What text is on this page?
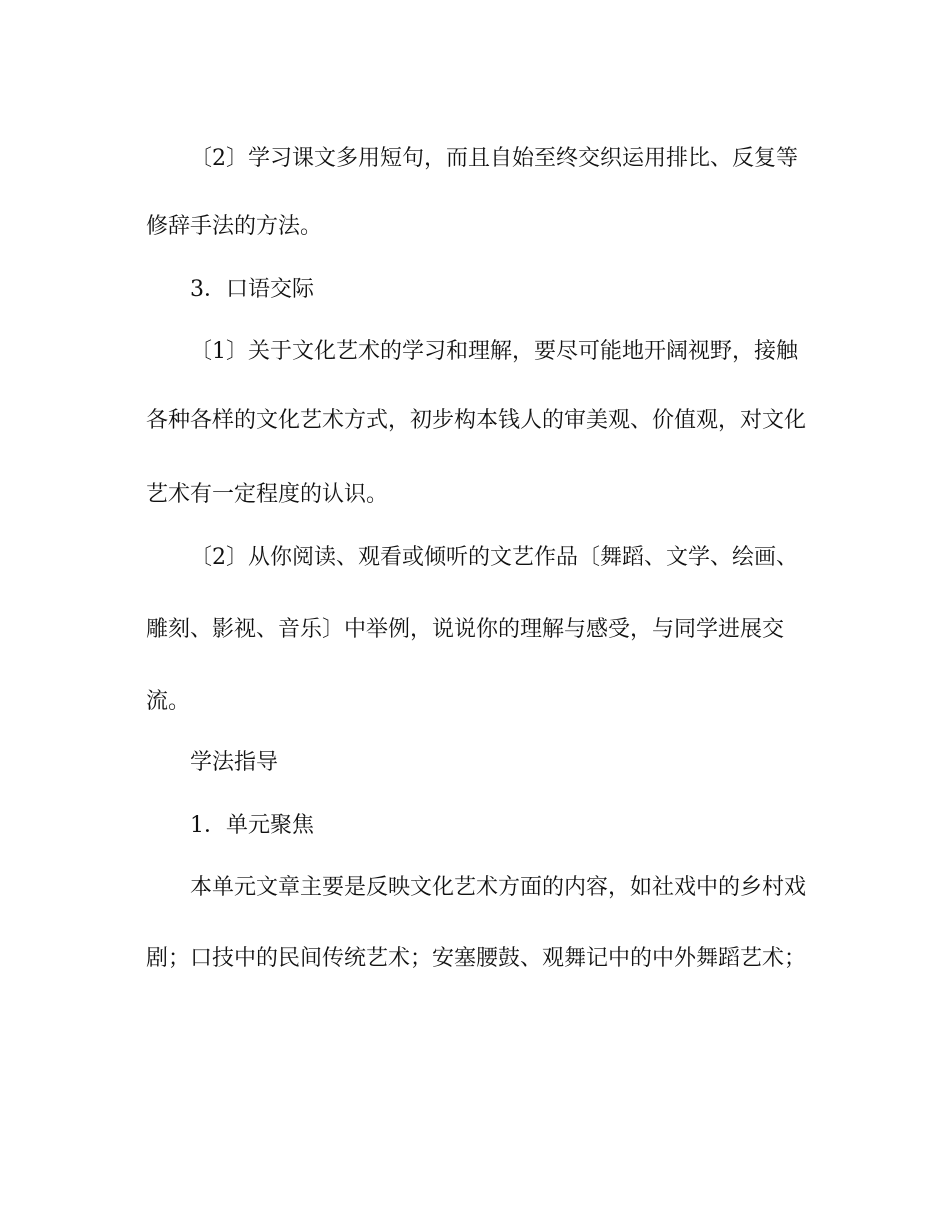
〔2〕学习课文多用短句，而且自始至终交织运用排比、反复等
修辞手法的方法。
3．口语交际
〔1〕关于文化艺术的学习和理解，要尽可能地开阔视野，接触
各种各样的文化艺术方式，初步构本钱人的审美观、价值观，对文化
艺术有一定程度的认识。
〔2〕从你阅读、观看或倾听的文艺作品〔舞蹈、文学、绘画、
雕刻、影视、音乐〕中举例，说说你的理解与感受，与同学进展交
流。
学法指导
1．单元聚焦
本单元文章主要是反映文化艺术方面的内容，如社戏中的乡村戏
剧；口技中的民间传统艺术；安塞腰鼓、观舞记中的中外舞蹈艺术；
